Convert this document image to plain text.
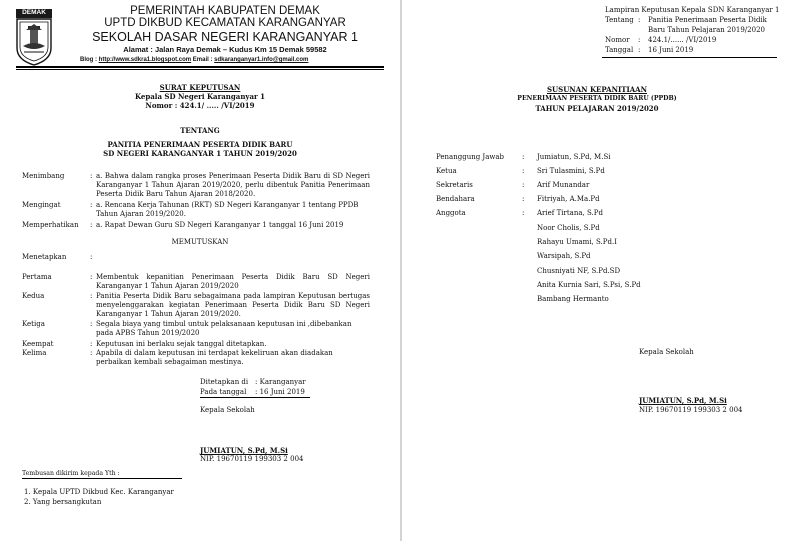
DEMAK	PEMERINTAH KABUPATEN DEMAK
UPTD DIKBUD KECAMATAN KARANGANYAR
SEKOLAH DASAR NEGERI KARANGANYAR 1
Alamat : Jalan Raya Demak – Kudus Km 15 Demak 59582
Blog : http://www.sdkra1.blogspot.com Email : sdkaranganyar1.info@gmail.com
SURAT KEPUTUSAN
Kepala SD Negeri Karanganyar 1
Nomor : 424.1/ ..... /VI/2019
TENTANG
PANITIA PENERIMAAN PESERTA DIDIK BARU
SD NEGERI KARANGANYAR 1 TAHUN 2019/2020
Menimbang	: a. Bahwa dalam rangka proses Penerimaan Peserta Didik Baru di SD Negeri Karanganyar 1 Tahun Ajaran 2019/2020, perlu dibentuk Panitia Penerimaan Peserta Didik Baru Tahun Ajaran 2018/2020.
Mengingat	: a. Rencana Kerja Tahunan (RKT) SD Negeri Karanganyar 1 tentang PPDB Tahun Ajaran 2019/2020.
Memperhatikan : a. Rapat Dewan Guru SD Negeri Karanganyar 1 tanggal 16 Juni 2019
MEMUTUSKAN
Menetapkan	:
Pertama	: Membentuk kepanitian Penerimaan Peserta Didik Baru SD Negeri Karanganyar 1 Tahun Ajaran 2019/2020
Kedua	: Panitia Peserta Didik Baru sebagaimana pada lampiran Keputusan bertugas menyelenggarakan kegiatan Penerimaan Peserta Didik Baru SD Negeri Karanganyar 1 Tahun Ajaran 2019/2020.
Ketiga	: Segala biaya yang timbul untuk pelaksanaan keputusan ini ,dibebankan pada APBS Tahun 2019/2020
Keempat	: Keputusan ini berlaku sejak tanggal ditetapkan.
Kelima	: Apabila di dalam keputusan ini terdapat kekeliruan akan diadakan perbaikan kembali sebagaiman mestinya.
Ditetapkan di : Karanganyar
Pada tanggal : 16 Juni 2019
Kepala Sekolah
JUMIATUN, S.Pd, M.Si
NIP. 19670119 199303 2 004
Tembusan dikirim kepada Yth :
1. Kepala UPTD Dikbud Kec. Karanganyar
2. Yang bersangkutan
Lampiran Keputusan Kepala SDN Karanganyar 1
Tentang : Panitia Penerimaan Peserta Didik
Baru Tahun Pelajaran 2019/2020
Nomor : 424.1/...... /VI/2019
Tanggal : 16 Juni 2019
SUSUNAN KEPANITIAAN
PENERIMAAN PESERTA DIDIK BARU (PPDB)
TAHUN PELAJARAN 2019/2020
Penanggung Jawab	: Jumiatun, S.Pd, M.Si
Ketua	: Sri Tulasmini, S.Pd
Sekretaris	: Arif Munandar
Bendahara	: Fitriyah, A.Ma.Pd
Anggota	: Arief Tirtana, S.Pd
Noor Cholis, S.Pd
Rahayu Umami, S.Pd.I
Warsipah, S.Pd
Chusniyati NF, S.Pd.SD
Anita Kurnia Sari, S.Psi, S.Pd
Bambang Hermanto
Kepala Sekolah
JUMIATUN, S.Pd, M.Si
NIP. 19670119 199303 2 004
